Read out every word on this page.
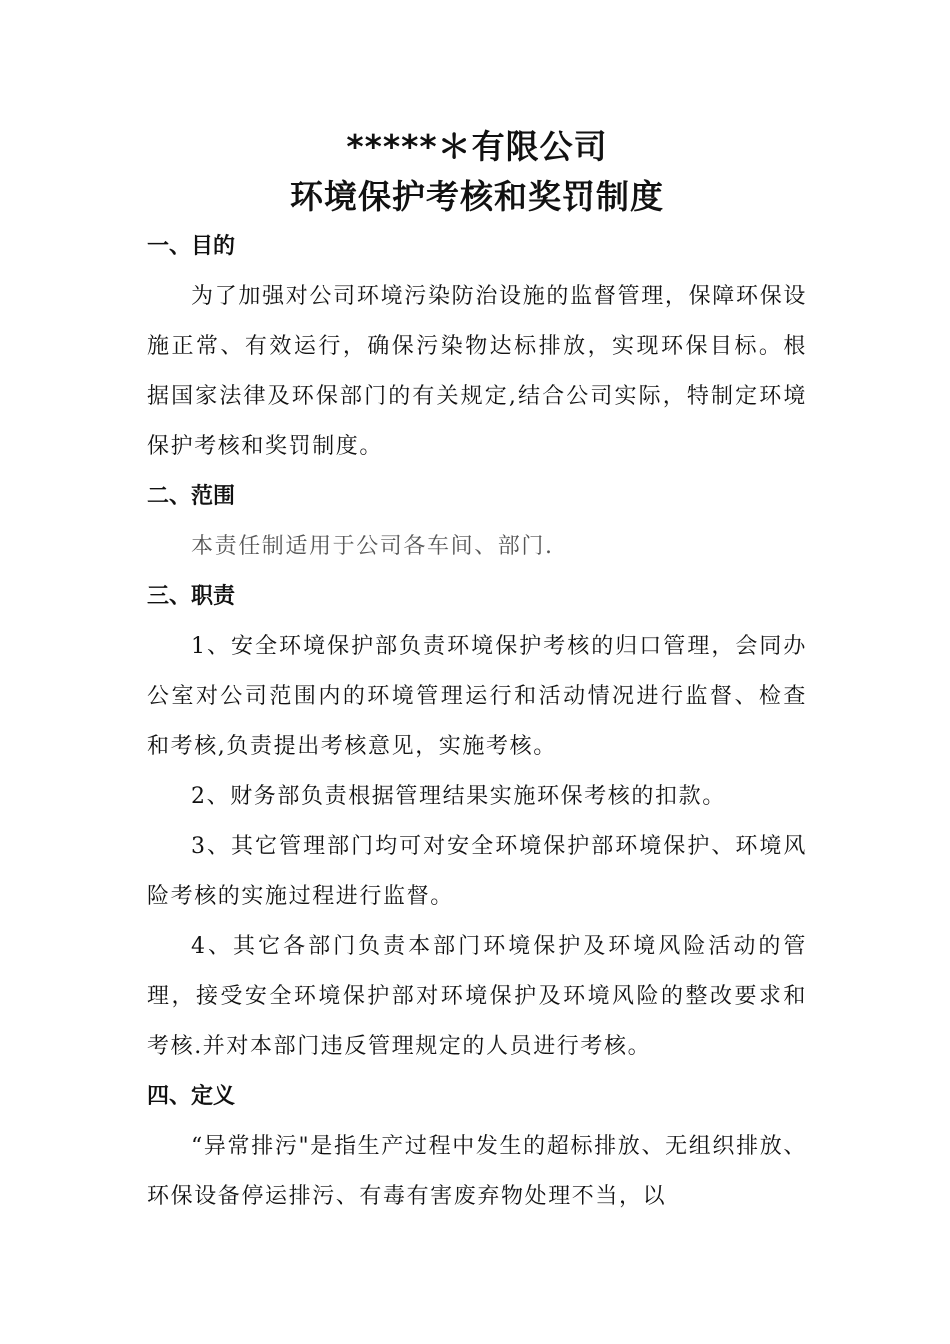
*****＊有限公司
环境保护考核和奖罚制度
一、目的

为了加强对公司环境污染防治设施的监督管理，保障环保设施正常、有效运行，确保污染物达标排放，实现环保目标。根据国家法律及环保部门的有关规定,结合公司实际，特制定环境保护考核和奖罚制度。

二、范围

本责任制适用于公司各车间、部门.

三、职责

1、安全环境保护部负责环境保护考核的归口管理，会同办公室对公司范围内的环境管理运行和活动情况进行监督、检查和考核,负责提出考核意见，实施考核。

2、财务部负责根据管理结果实施环保考核的扣款。

3、其它管理部门均可对安全环境保护部环境保护、环境风险考核的实施过程进行监督。

4、其它各部门负责本部门环境保护及环境风险活动的管理，接受安全环境保护部对环境保护及环境风险的整改要求和考核.并对本部门违反管理规定的人员进行考核。

四、定义

“异常排污"是指生产过程中发生的超标排放、无组织排放、环保设备停运排污、有毒有害废弃物处理不当，以
